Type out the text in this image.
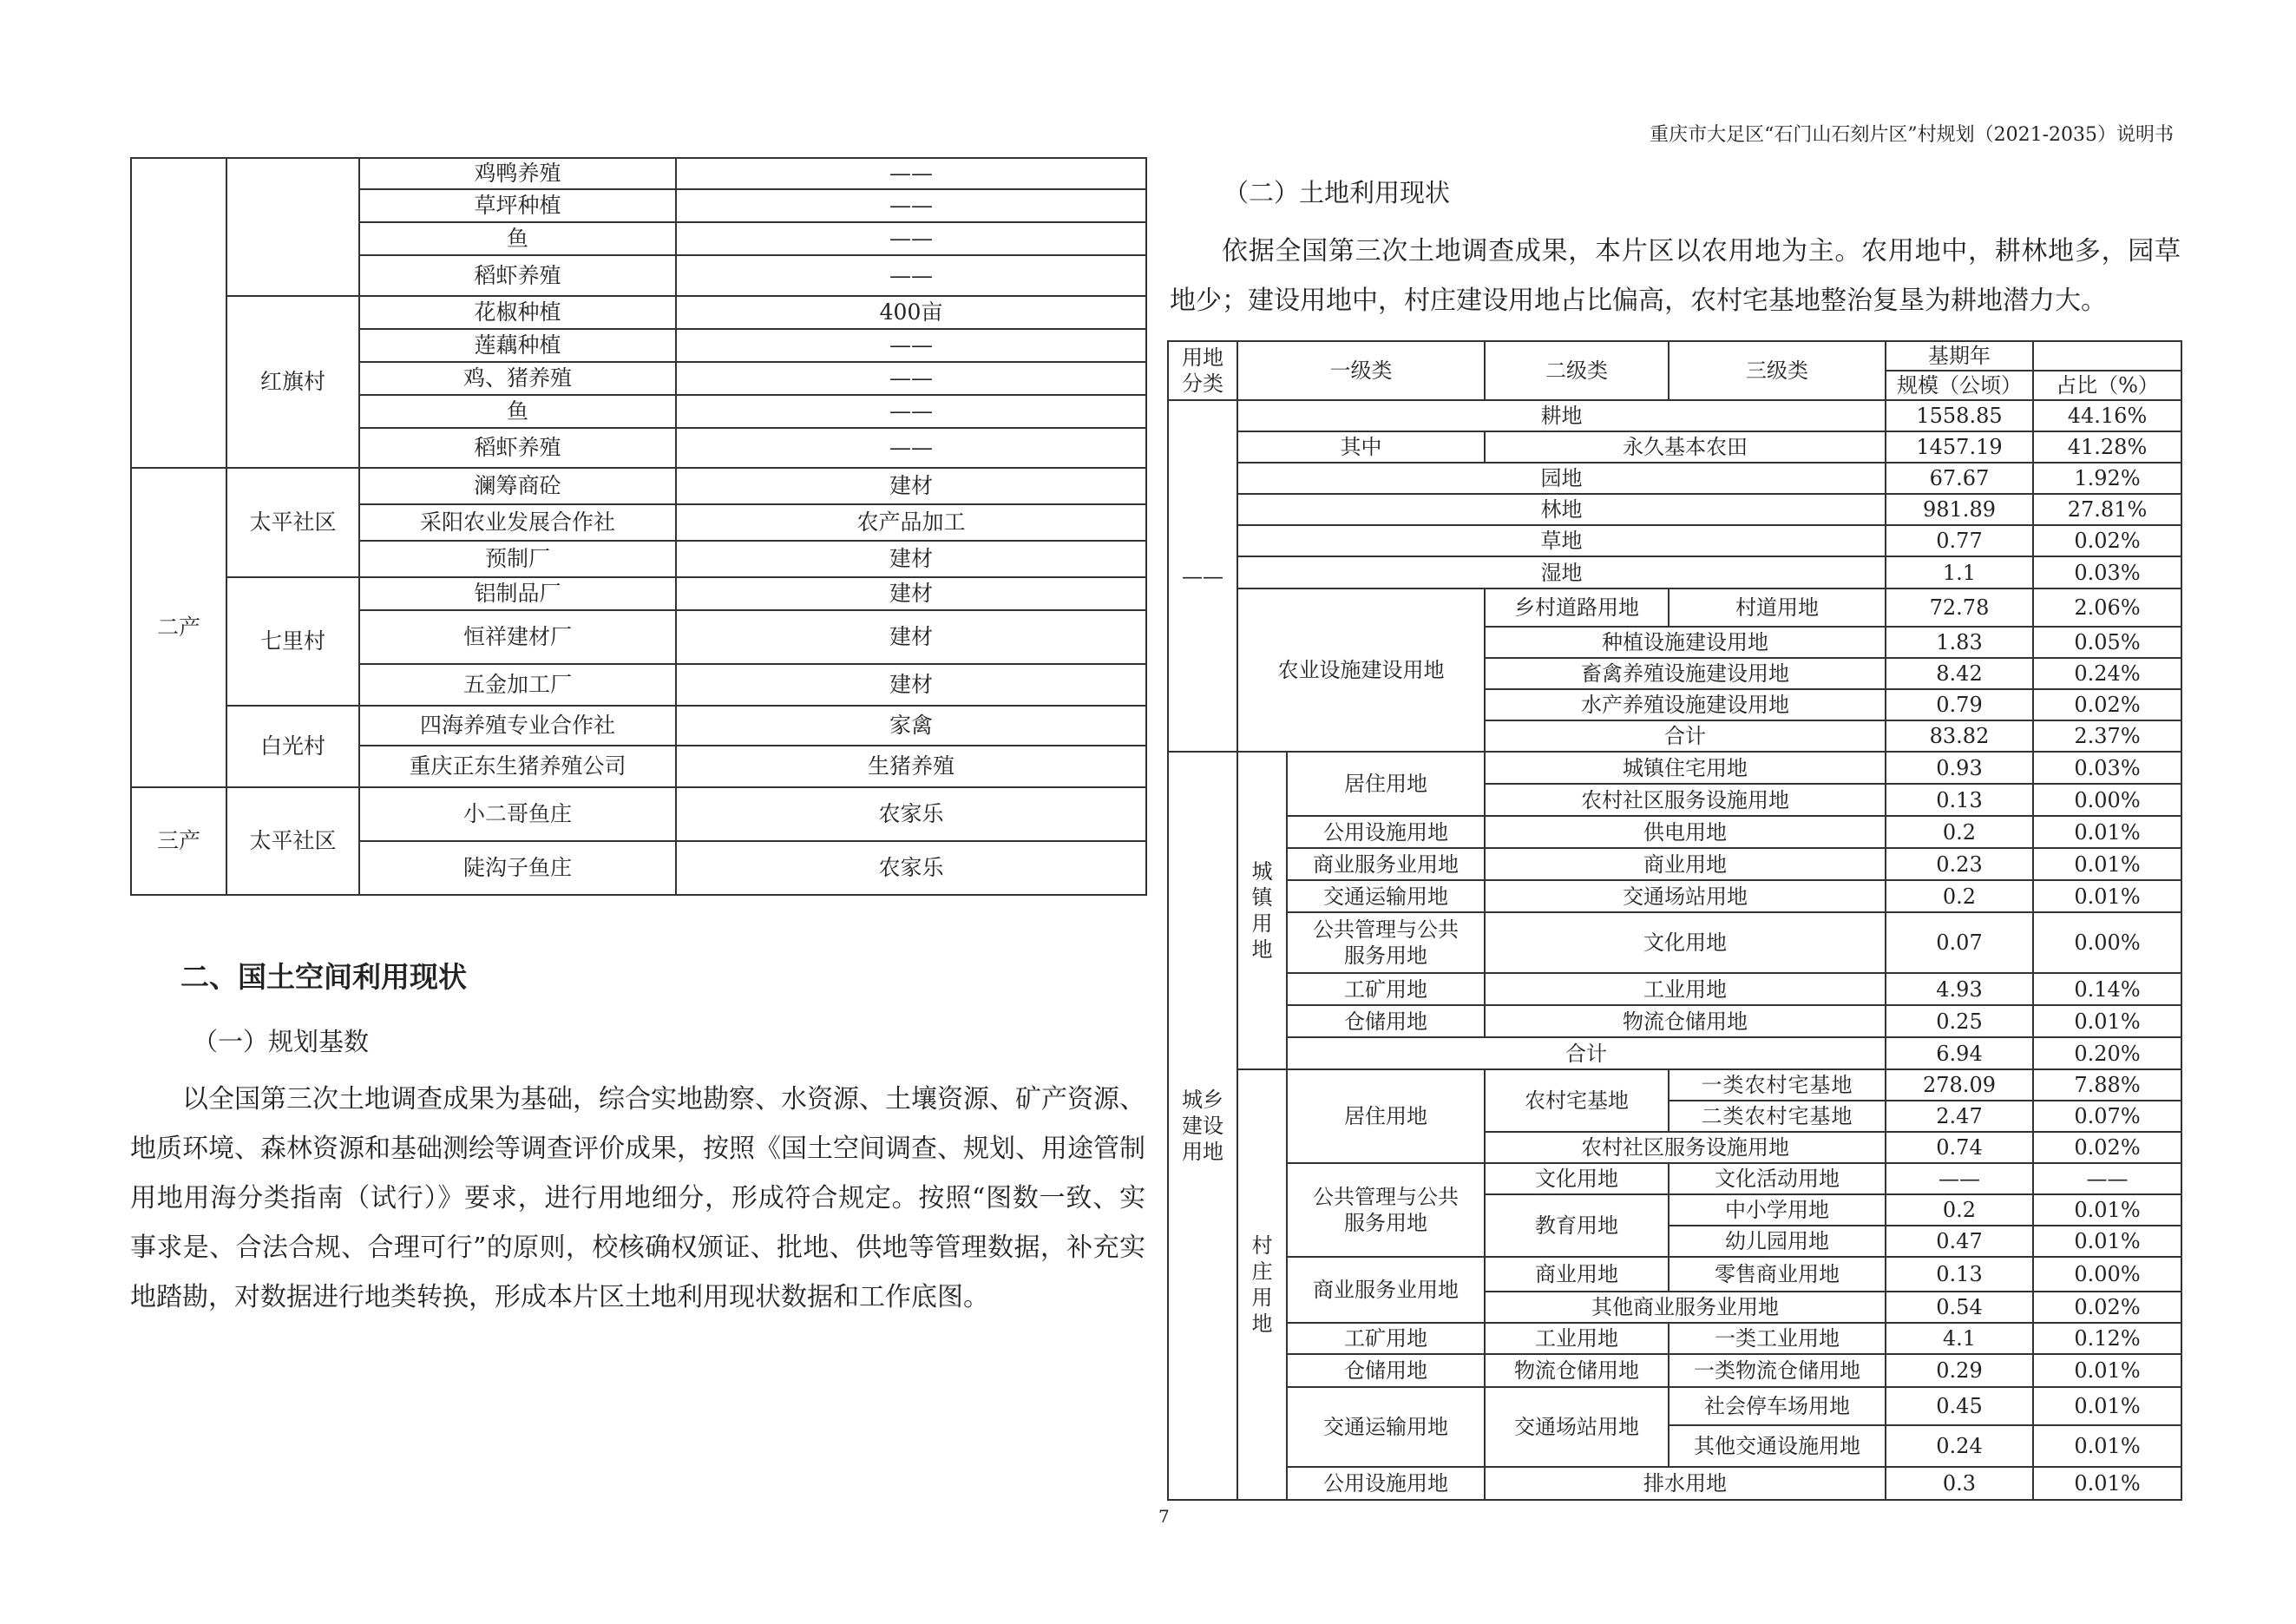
重庆市大足区“石门山石刻片区”村规划（2021-2035）说明书
		鸡鸭养殖	——
		草坪种植	——
		鱼	——
		稻虾养殖	——
	红旗村	花椒种植	400亩
		莲藕种植	——
		鸡、猪养殖	——
		鱼	——
		稻虾养殖	——
二产	太平社区	澜筹商砼	建材
		采阳农业发展合作社	农产品加工
		预制厂	建材
	七里村	铝制品厂	建材
		恒祥建材厂	建材
		五金加工厂	建材
	白光村	四海养殖专业合作社	家禽
		重庆正东生猪养殖公司	生猪养殖
三产	太平社区	小二哥鱼庄	农家乐
		陡沟子鱼庄	农家乐
二、国土空间利用现状
（一）规划基数

以全国第三次土地调查成果为基础，综合实地勘察、水资源、土壤资源、矿产资源、地质环境、森林资源和基础测绘等调查评价成果，按照《国土空间调查、规划、用途管制用地用海分类指南（试行）》要求，进行用地细分，形成符合规定。按照“图数一致、实事求是、合法合规、合理可行”的原则，校核确权颁证、批地、供地等管理数据，补充实地踏勘，对数据进行地类转换，形成本片区土地利用现状数据和工作底图。

（二）土地利用现状

依据全国第三次土地调查成果，本片区以农用地为主。农用地中，耕林地多，园草地少；建设用地中，村庄建设用地占比偏高，农村宅基地整治复垦为耕地潜力大。

用地分类	一级类		二级类	三级类	基期年	
					规模（公顷）	占比（%）
——	耕地				1558.85	44.16%
	其中		永久基本农田		1457.19	41.28%
	园地				67.67	1.92%
	林地				981.89	27.81%
	草地				0.77	0.02%
	湿地				1.1	0.03%
	农业设施建设用地		乡村道路用地	村道用地	72.78	2.06%
			种植设施建设用地		1.83	0.05%
			畜禽养殖设施建设用地		8.42	0.24%
			水产养殖设施建设用地		0.79	0.02%
			合计		83.82	2.37%
城乡建设用地	城镇用地	居住用地	城镇住宅用地		0.93	0.03%
			农村社区服务设施用地		0.13	0.00%
		公用设施用地	供电用地		0.2	0.01%
		商业服务业用地	商业用地		0.23	0.01%
		交通运输用地	交通场站用地		0.2	0.01%
		公共管理与公共服务用地	文化用地		0.07	0.00%
		工矿用地	工业用地		4.93	0.14%
		仓储用地	物流仓储用地		0.25	0.01%
		合计			6.94	0.20%
	村庄用地	居住用地	农村宅基地	一类农村宅基地	278.09	7.88%
				二类农村宅基地	2.47	0.07%
			农村社区服务设施用地		0.74	0.02%
		公共管理与公共服务用地	文化用地	文化活动用地	——	——
			教育用地	中小学用地	0.2	0.01%
				幼儿园用地	0.47	0.01%
		商业服务业用地	商业用地	零售商业用地	0.13	0.00%
			其他商业服务业用地		0.54	0.02%
		工矿用地	工业用地	一类工业用地	4.1	0.12%
		仓储用地	物流仓储用地	一类物流仓储用地	0.29	0.01%
		交通运输用地	交通场站用地	社会停车场用地	0.45	0.01%
				其他交通设施用地	0.24	0.01%
		公用设施用地	排水用地		0.3	0.01%
7
